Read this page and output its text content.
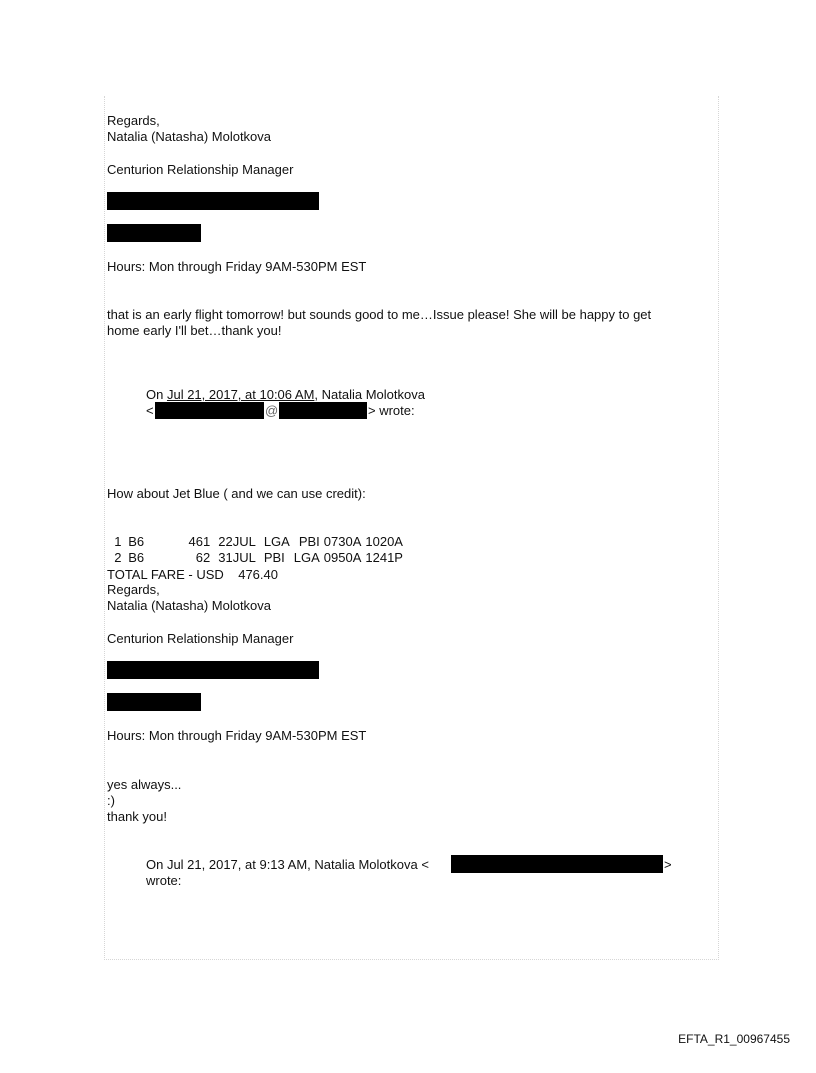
Regards,

Natalia (Natasha) Molotkova

Centurion Relationship Manager

Hours: Mon through Friday 9AM-530PM EST

that is an early flight tomorrow! but sounds good to me…Issue please! She will be happy to get

home early I'll bet…thank you!

On Jul 21, 2017, at 10:06 AM, Natalia Molotkova

<	@	> wrote:

How about Jet Blue ( and we can use credit):

1 B6	461 22JUL LGA PBI 0730A 1020A

2 B6	62 31JUL PBI LGA 0950A 1241P

TOTAL FARE - USD    476.40

Regards,

Natalia (Natasha) Molotkova

Centurion Relationship Manager

Hours: Mon through Friday 9AM-530PM EST

yes always...

:)

thank you!

On Jul 21, 2017, at 9:13 AM, Natalia Molotkova <	>

wrote:

EFTA_R1_00967455
